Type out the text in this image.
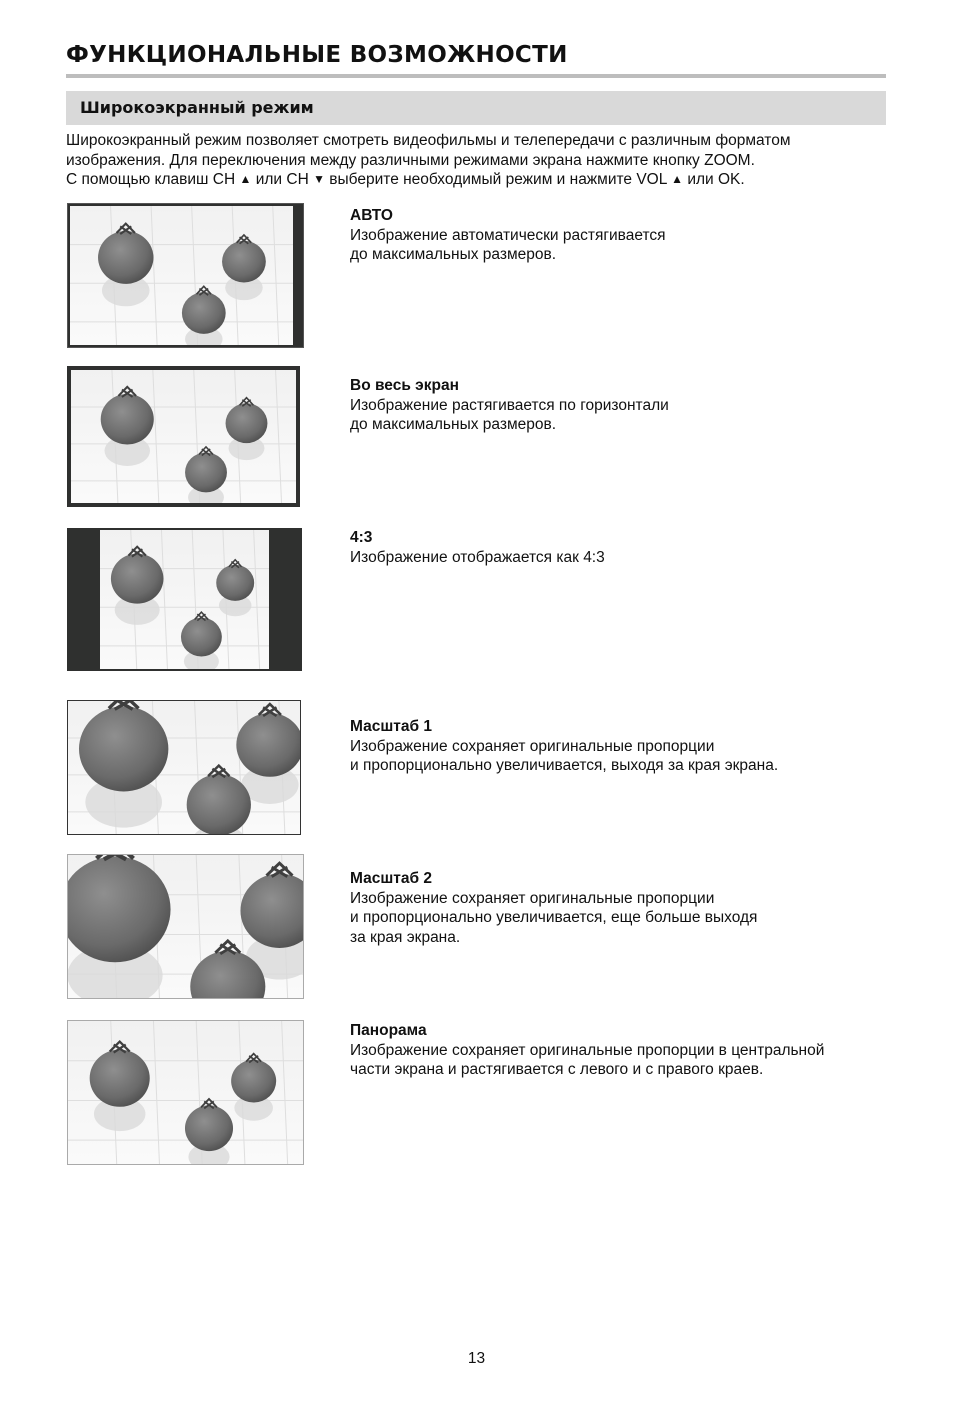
ФУНКЦИОНАЛЬНЫЕ ВОЗМОЖНОСТИ
Широкоэкранный режим

Широкоэкранный режим позволяет смотреть видеофильмы и телепередачи с различным форматом

изображения. Для переключения между различными режимами экрана нажмите кнопку ZOOM.

С помощью клавиш CH ▲ или CH ▼ выберите необходимый режим и нажмите VOL ▲ или OK.

АВТО
Изображение автоматически растягивается
до максимальных размеров.
Во весь экран
Изображение растягивается по горизонтали
до максимальных размеров.
4:3
Изображение отображается как 4:3
Масштаб 1
Изображение сохраняет оригинальные пропорции
и пропорционально увеличивается, выходя за края экрана.
Масштаб 2
Изображение сохраняет оригинальные пропорции
и пропорционально увеличивается, еще больше выходя
за края экрана.
Панорама
Изображение сохраняет оригинальные пропорции в центральной
части экрана и растягивается с левого и с правого краев.
13
